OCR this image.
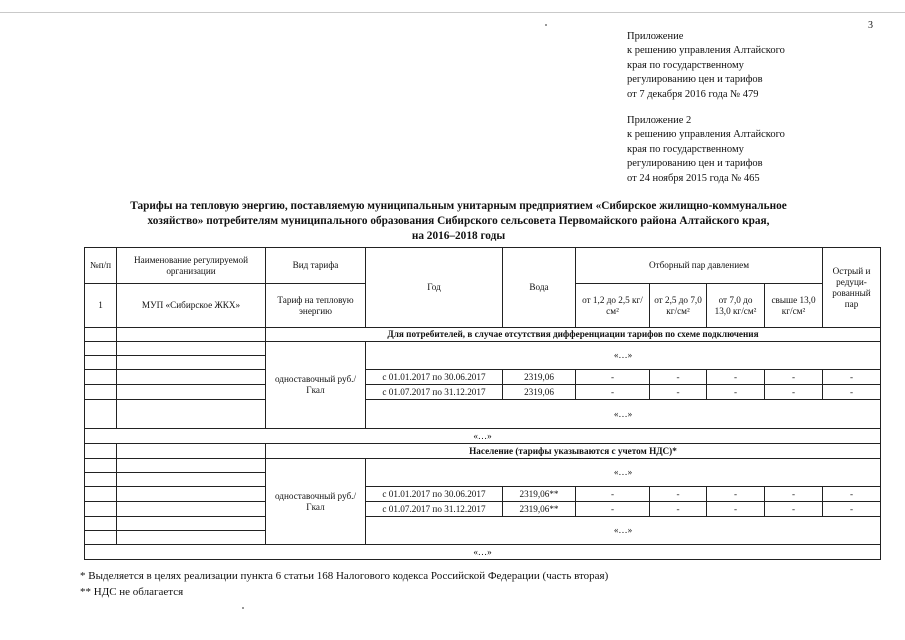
3
Приложение
к решению управления Алтайского
края по государственному
регулированию цен и тарифов
от 7 декабря 2016 года № 479
Приложение 2
к решению управления Алтайского
края по государственному
регулированию цен и тарифов
от 24 ноября 2015 года № 465
Тарифы на тепловую энергию, поставляемую муниципальным унитарным предприятием «Сибирское жилищно-коммунальное
хозяйство» потребителям муниципального образования Сибирского сельсовета Первомайского района Алтайского края,
на 2016–2018 годы
№п/п	Наименование регулируемой организации	Вид тарифа	Год	Вода	Отборный пар давлением				Острый и редуци-рованный пар
1	МУП «Сибирское ЖКХ»	Тариф на тепловую энергию			от 1,2 до 2,5 кг/см²	от 2,5 до 7,0 кг/см²	от 7,0 до 13,0 кг/см²	свыше 13,0 кг/см²	
		Для потребителей, в случае отсутствия дифференциации тарифов по схеме подключения							
		одноставочный руб./Гкал	«…»						

			с 01.01.2017 по 30.06.2017	2319,06	-	-	-	-	-
			с 01.07.2017 по 31.12.2017	2319,06	-	-	-	-	-
			«…»						
«…»									
		Население (тарифы указываются с учетом НДС)*							
		одноставочный руб./Гкал	«…»						

			с 01.01.2017 по 30.06.2017	2319,06**	-	-	-	-	-
			с 01.07.2017 по 31.12.2017	2319,06**	-	-	-	-	-
			«…»						

«…»									
* Выделяется в целях реализации пункта 6 статьи 168 Налогового кодекса Российской Федерации (часть вторая)
** НДС не облагается
